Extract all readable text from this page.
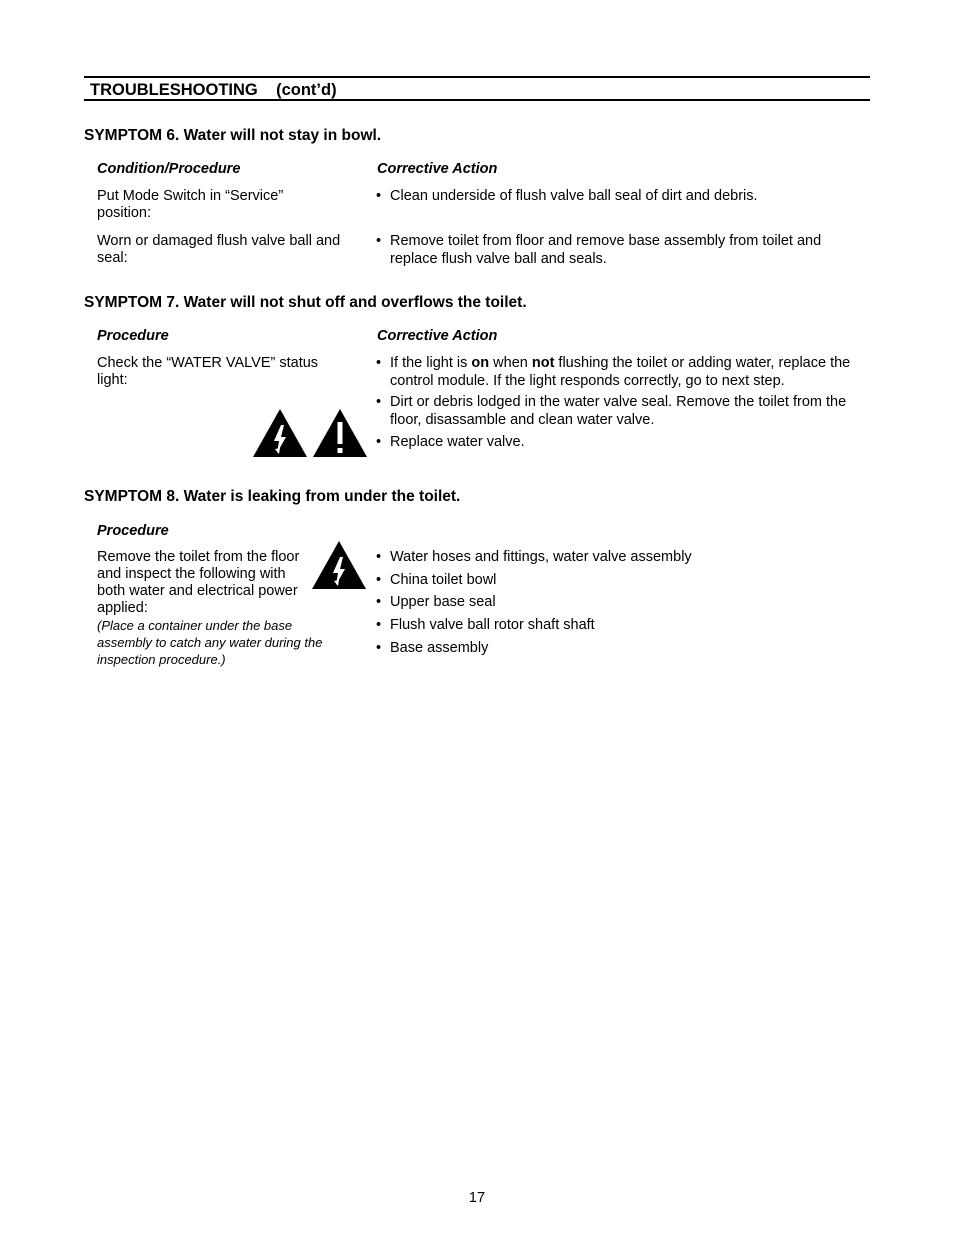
TROUBLESHOOTING    (cont’d)
SYMPTOM 6. Water will not stay in bowl.
Condition/Procedure	Corrective Action
Put Mode Switch in “Service” position:
• Clean underside of flush valve ball seal of dirt and debris.
Worn or damaged flush valve ball and seal:
• Remove toilet from floor and remove base assembly from toilet and replace flush valve ball and seals.
SYMPTOM 7. Water will not shut off and overflows the toilet.
Procedure	Corrective Action
Check the “WATER VALVE” status light:
• If the light is on when not flushing the toilet or adding water, replace the control module. If the light responds correctly, go to next step.
• Dirt or debris lodged in the water valve seal. Remove the toilet from the floor, disassamble and clean water valve.
• Replace water valve.
SYMPTOM 8. Water is leaking from under the toilet.
Procedure
Remove the toilet from the floor and inspect the following with both water and electrical power applied:
(Place a container under the base assembly to catch any water during the inspection procedure.)
• Water hoses and fittings, water valve assembly
• China toilet bowl
• Upper base seal
• Flush valve ball rotor shaft shaft
• Base assembly
17
